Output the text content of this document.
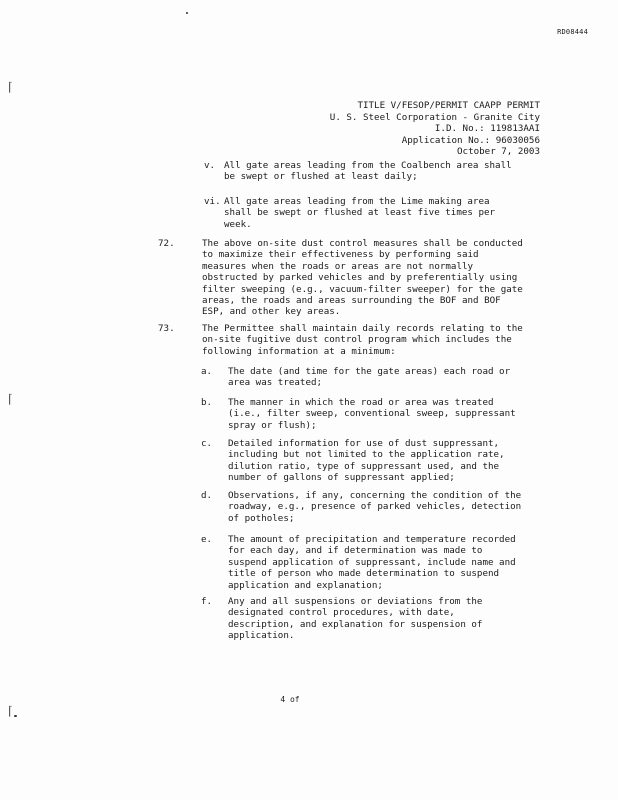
RD08444
TITLE V/FESOP/PERMIT CAAPP PERMIT
U. S. Steel Corporation - Granite City
I.D. No.: 119813AAI
Application No.: 96030056
October 7, 2003
v. All gate areas leading from the Coalbench area shall
be swept or flushed at least daily;
vi. All gate areas leading from the Lime making area
shall be swept or flushed at least five times per
week.
72.	The above on-site dust control measures shall be conducted
to maximize their effectiveness by performing said
measures when the roads or areas are not normally
obstructed by parked vehicles and by preferentially using
filter sweeping (e.g., vacuum-filter sweeper) for the gate
areas, the roads and areas surrounding the BOF and BOF
ESP, and other key areas.
73.	The Permittee shall maintain daily records relating to the
on-site fugitive dust control program which includes the
following information at a minimum:
a. The date (and time for the gate areas) each road or
area was treated;
b. The manner in which the road or area was treated
(i.e., filter sweep, conventional sweep, suppressant
spray or flush);
c. Detailed information for use of dust suppressant,
including but not limited to the application rate,
dilution ratio, type of suppressant used, and the
number of gallons of suppressant applied;
d. Observations, if any, concerning the condition of the
roadway, e.g., presence of parked vehicles, detection
of potholes;
e. The amount of precipitation and temperature recorded
for each day, and if determination was made to
suspend application of suppressant, include name and
title of person who made determination to suspend
application and explanation;
f. Any and all suspensions or deviations from the
designated control procedures, with date,
description, and explanation for suspension of
application.
4 of
⌈
⌈
⌈
